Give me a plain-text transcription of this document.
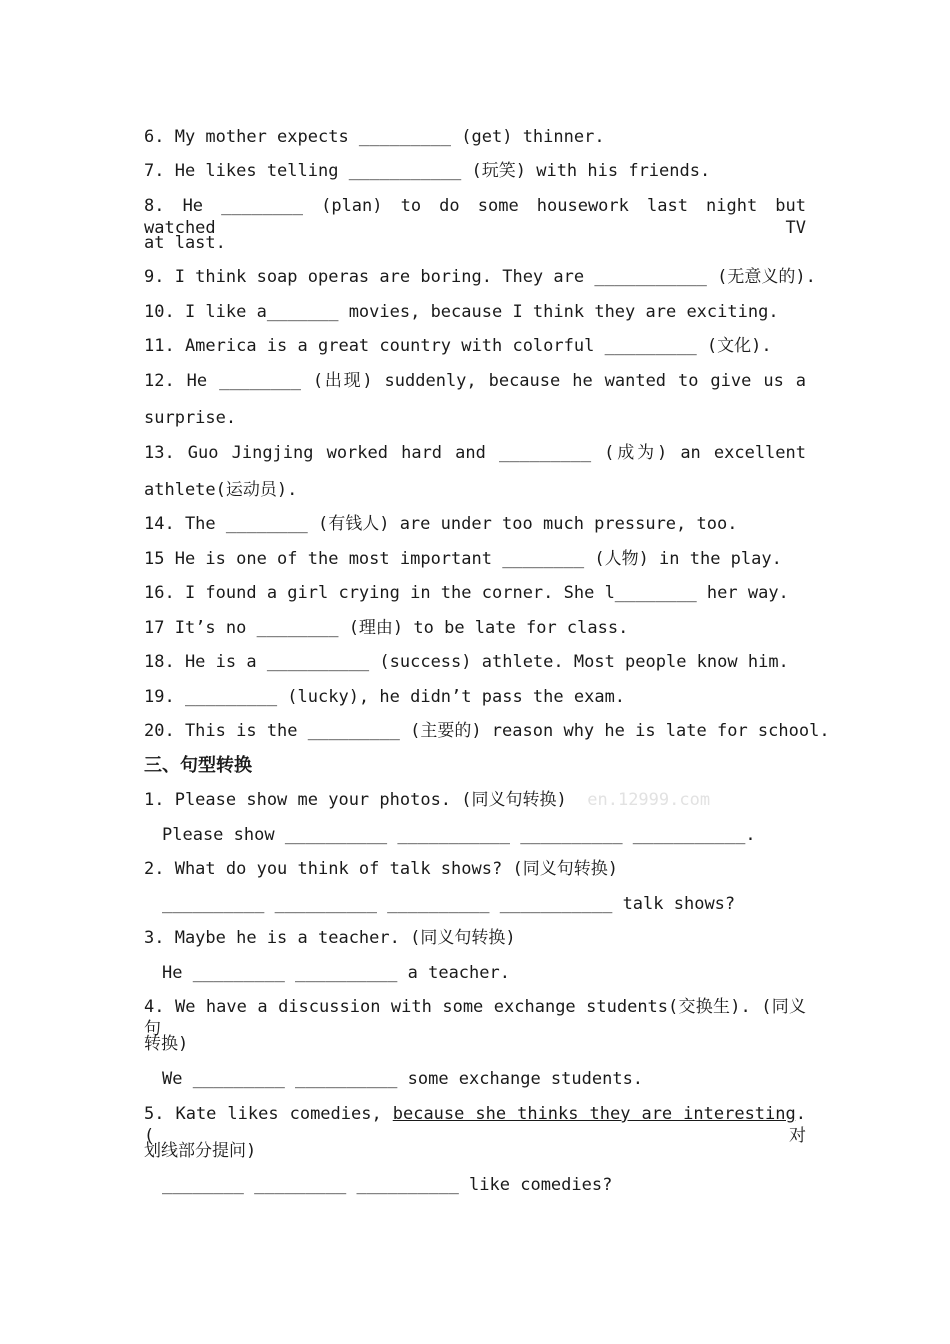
6. My mother expects _________ (get) thinner.
7. He likes telling ___________ (玩笑) with his friends.
8. He ________ (plan) to do some housework last night but watched TV
at last.
9. I think soap operas are boring. They are ___________ (无意义的).
10. I like a_______ movies, because I think they are exciting.
11. America is a great country with colorful _________ (文化).
12. He ________ (出现) suddenly, because he wanted to give us a
surprise.
13. Guo Jingjing worked hard and _________ (成为) an excellent
athlete(运动员).
14. The ________ (有钱人) are under too much pressure, too.
15 He is one of the most important ________ (人物) in the play.
16. I found a girl crying in the corner. She l________ her way.
17 It’s no ________ (理由) to be late for class.
18. He is a __________ (success) athlete. Most people know him.
19. _________ (lucky), he didn’t pass the exam.
20. This is the _________ (主要的) reason why he is late for school.
三、句型转换
1. Please show me your photos. (同义句转换) en.12999.com
Please show __________ ___________ __________ ___________.
2. What do you think of talk shows? (同义句转换)
__________ __________ __________ ___________ talk shows?
3. Maybe he is a teacher. (同义句转换)
He _________ __________ a teacher.
4. We have a discussion with some exchange students(交换生). (同义句
转换)
We _________ __________ some exchange students.
5. Kate likes comedies, because she thinks they are interesting. (对
划线部分提问)
________ _________ __________ like comedies?
